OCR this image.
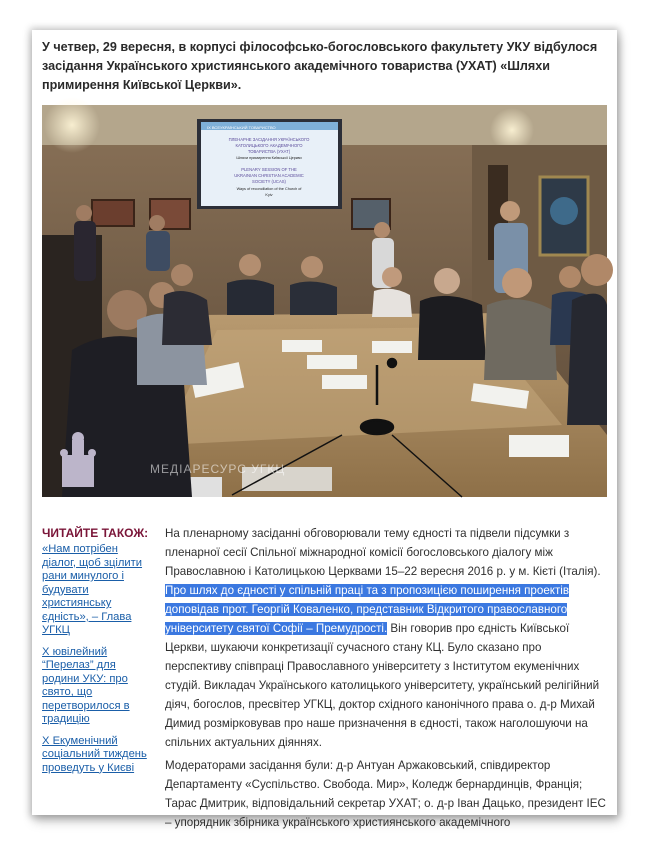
У четвер, 29 вересня, в корпусі філософсько-богословського факультету УКУ відбулося засідання Українського християнського академічного товариства (УХАТ) «Шляхи примирення Київської Церкви».
IX ВСЕУКРАЇНСЬКИЙ ТОВАРИСТВО
ПЛЕНАРНЕ ЗАСІДАННЯ УКРАЇНСЬКОГО
КАТОЛИЦЬКОГО АКАДЕМІЧНОГО
ТОВАРИСТВА (УХАТ)
Шляхи примирення Київської Церкви
PLENARY SESSION OF THE
UKRAINIAN CHRISTIAN ACADEMIC
SOCIETY (UCAS)
Ways of reconciliation of the Church of
Kyiv
МЕДІАРЕСУРС УГКЦ
ЧИТАЙТЕ ТАКОЖ:
«Нам потрібен діалог, щоб зцілити рани минулого і будувати християнську єдність», – Глава УГКЦ
Х ювілейний “Перелаз” для родини УКУ: про свято, що перетворилося в традицію
Х Екуменічний соціальний тиждень проведуть у Києві

На пленарному засіданні обговорювали тему єдності та підвели підсумки з пленарної сесії Спільної міжнародної комісії богословського діалогу між Православною і Католицькою Церквами 15–22 вересня 2016 р. у м. Кієті (Італія). Про шлях до єдності у спільній праці та з пропозицією поширення проектів доповідав прот. Георгій Коваленко, представник Відкритого православного університету святої Софії – Премудрості. Він говорив про єдність Київської Церкви, шукаючи конкретизації сучасного стану КЦ. Було сказано про перспективу співпраці Православного університету з Інститутом екуменічних студій. Викладач Українського католицького університету, український релігійний діяч, богослов, пресвітер УГКЦ, доктор східного канонічного права о. д-р Михай Димид розмірковував про наше призначення в єдності, також наголошуючи на спільних актуальних діяннях.

Модераторами засідання були: д-р Антуан Аржаковський, співдиректор Департаменту «Суспільство. Свобода. Мир», Коледж бернардинців, Франція; Тарас Дмитрик, відповідальний секретар УХАТ; о. д-р Іван Дацько, президент ІЕС – упорядник збірника українського християнського академічного
